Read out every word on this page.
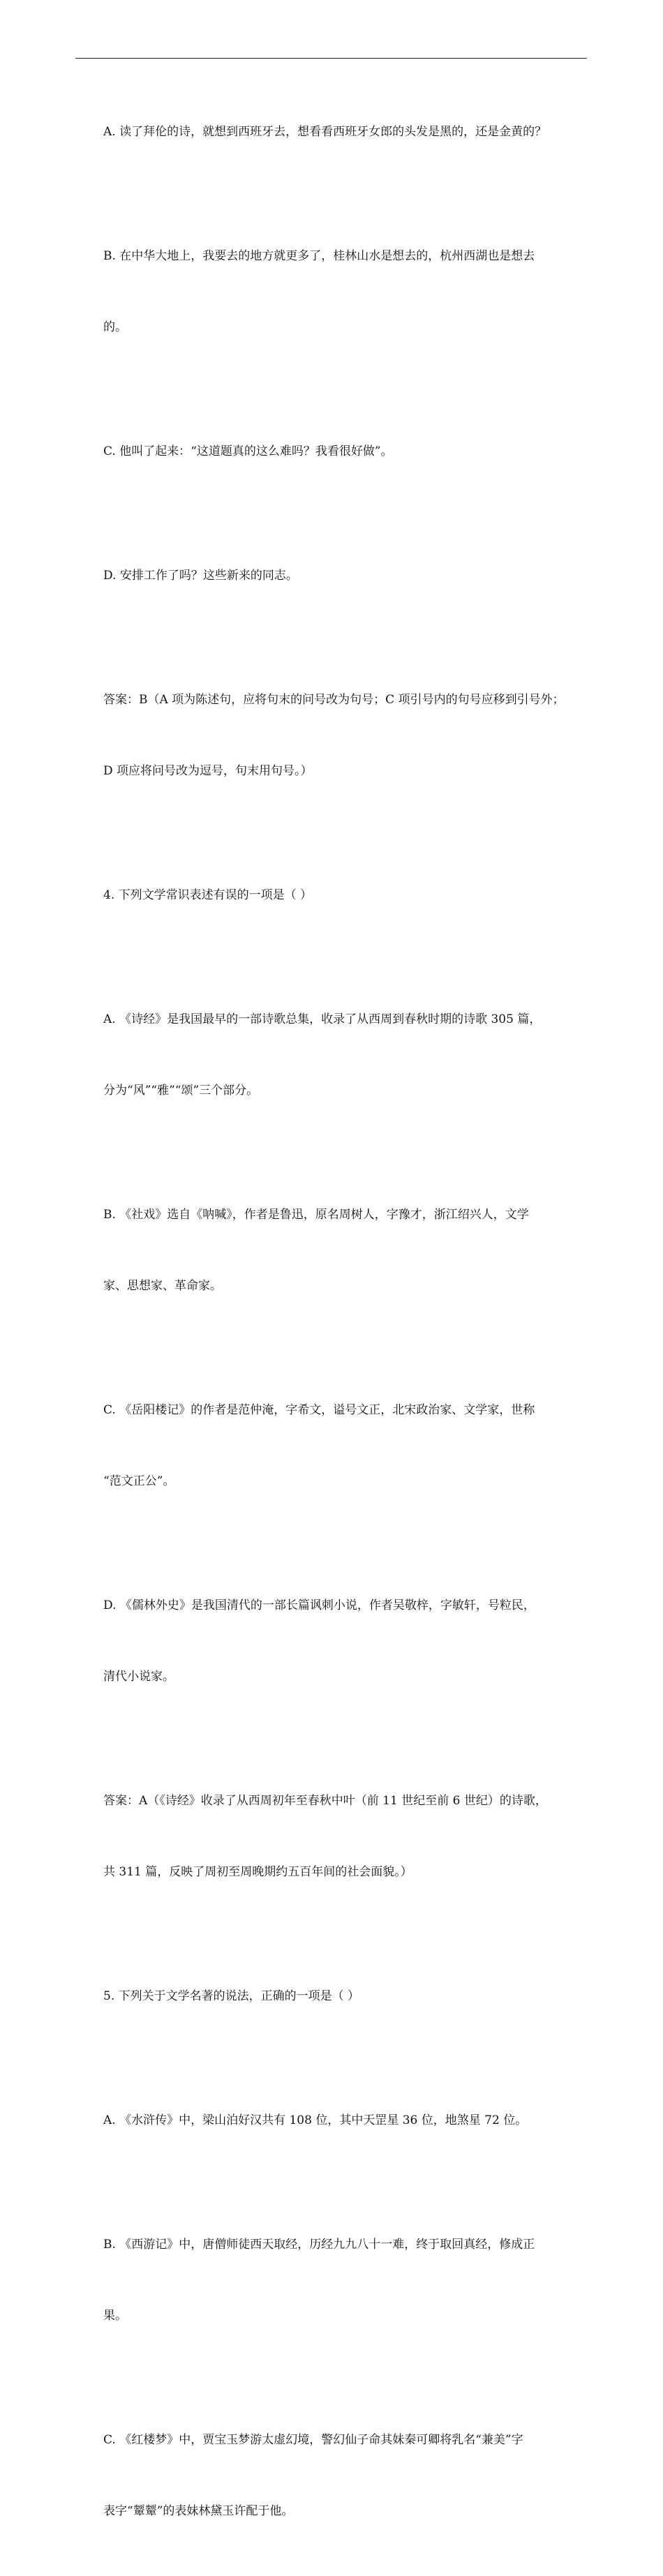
A. 读了拜伦的诗，就想到西班牙去，想看看西班牙女郎的头发是黑的，还是金黄的？

B. 在中华大地上，我要去的地方就更多了，桂林山水是想去的，杭州西湖也是想去

的。

C. 他叫了起来：“这道题真的这么难吗？我看很好做”。

D. 安排工作了吗？这些新来的同志。

答案：B（A 项为陈述句，应将句末的问号改为句号；C 项引号内的句号应移到引号外；

D 项应将问号改为逗号，句末用句号。）

4. 下列文学常识表述有误的一项是（ ）

A. 《诗经》是我国最早的一部诗歌总集，收录了从西周到春秋时期的诗歌 305 篇，

分为“风”“雅”“颂”三个部分。

B. 《社戏》选自《呐喊》，作者是鲁迅，原名周树人，字豫才，浙江绍兴人，文学

家、思想家、革命家。

C. 《岳阳楼记》的作者是范仲淹，字希文，谥号文正，北宋政治家、文学家，世称

“范文正公”。

D. 《儒林外史》是我国清代的一部长篇讽刺小说，作者吴敬梓，字敏轩，号粒民，

清代小说家。

答案：A（《诗经》收录了从西周初年至春秋中叶（前 11 世纪至前 6 世纪）的诗歌，

共 311 篇，反映了周初至周晚期约五百年间的社会面貌。）

5. 下列关于文学名著的说法，正确的一项是（ ）

A. 《水浒传》中，梁山泊好汉共有 108 位，其中天罡星 36 位，地煞星 72 位。

B. 《西游记》中，唐僧师徒西天取经，历经九九八十一难，终于取回真经，修成正

果。

C. 《红楼梦》中，贾宝玉梦游太虚幻境，警幻仙子命其妹秦可卿将乳名“兼美”字

表字“颦颦”的表妹林黛玉许配于他。
